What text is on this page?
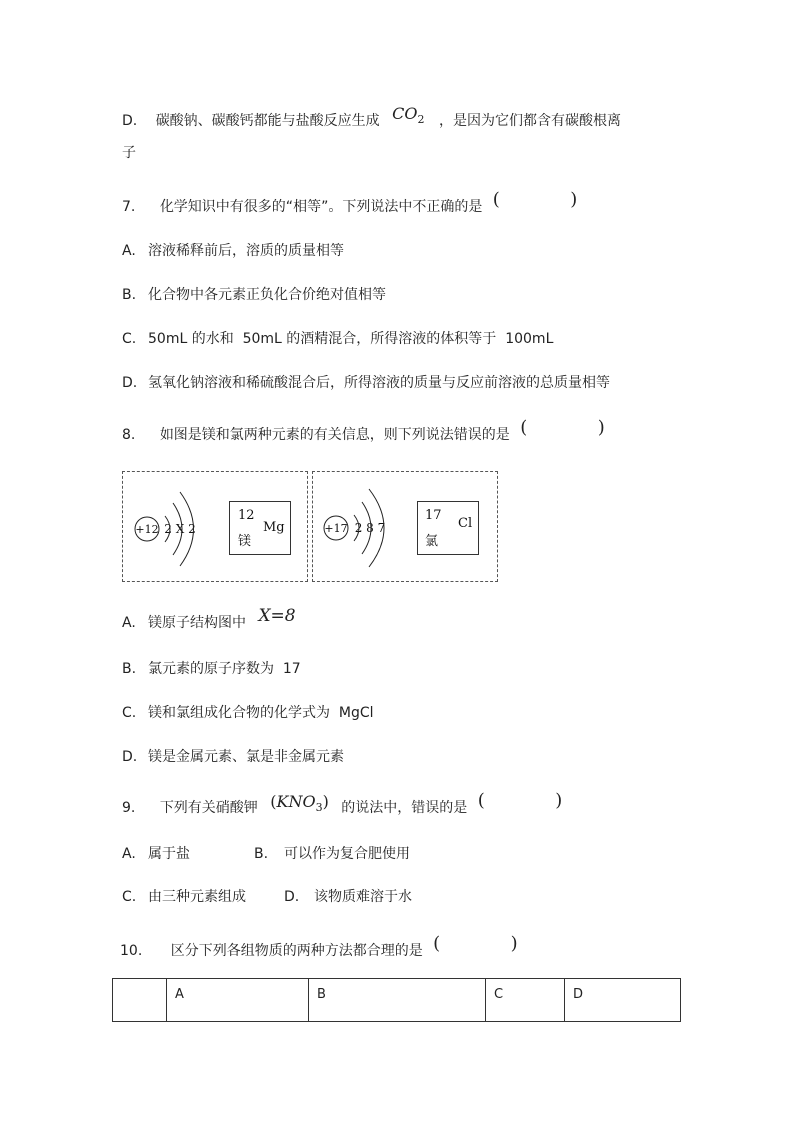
D. 碳酸钠、碳酸钙都能与盐酸反应生成 $CO_2$ ，是因为它们都含有碳酸根离
子
7. 化学知识中有很多的“相等”。下列说法中不正确的是 (	)
A. 溶液稀释前后，溶质的质量相等
B. 化合物中各元素正负化合价绝对值相等
C. 50mL 的水和  50mL 的酒精混合，所得溶液的体积等于  100mL
D. 氢氧化钠溶液和稀硫酸混合后，所得溶液的质量与反应前溶液的总质量相等
8. 如图是镁和氯两种元素的有关信息，则下列说法错误的是 (	)
+12 2 X 2
12
镁
Mg	+17 2 8 7
17
氯
Cl
A. 镁原子结构图中 X=8
B. 氯元素的原子序数为  17
C. 镁和氯组成化合物的化学式为  MgCl
D. 镁是金属元素、氯是非金属元素
9. 下列有关硝酸钾 $(KNO_3)$ 的说法中，错误的是 (	)
A. 属于盐	B. 可以作为复合肥使用
C. 由三种元素组成	D. 该物质难溶于水
10. 区分下列各组物质的两种方法都合理的是 (	)
	A	B	C	D
